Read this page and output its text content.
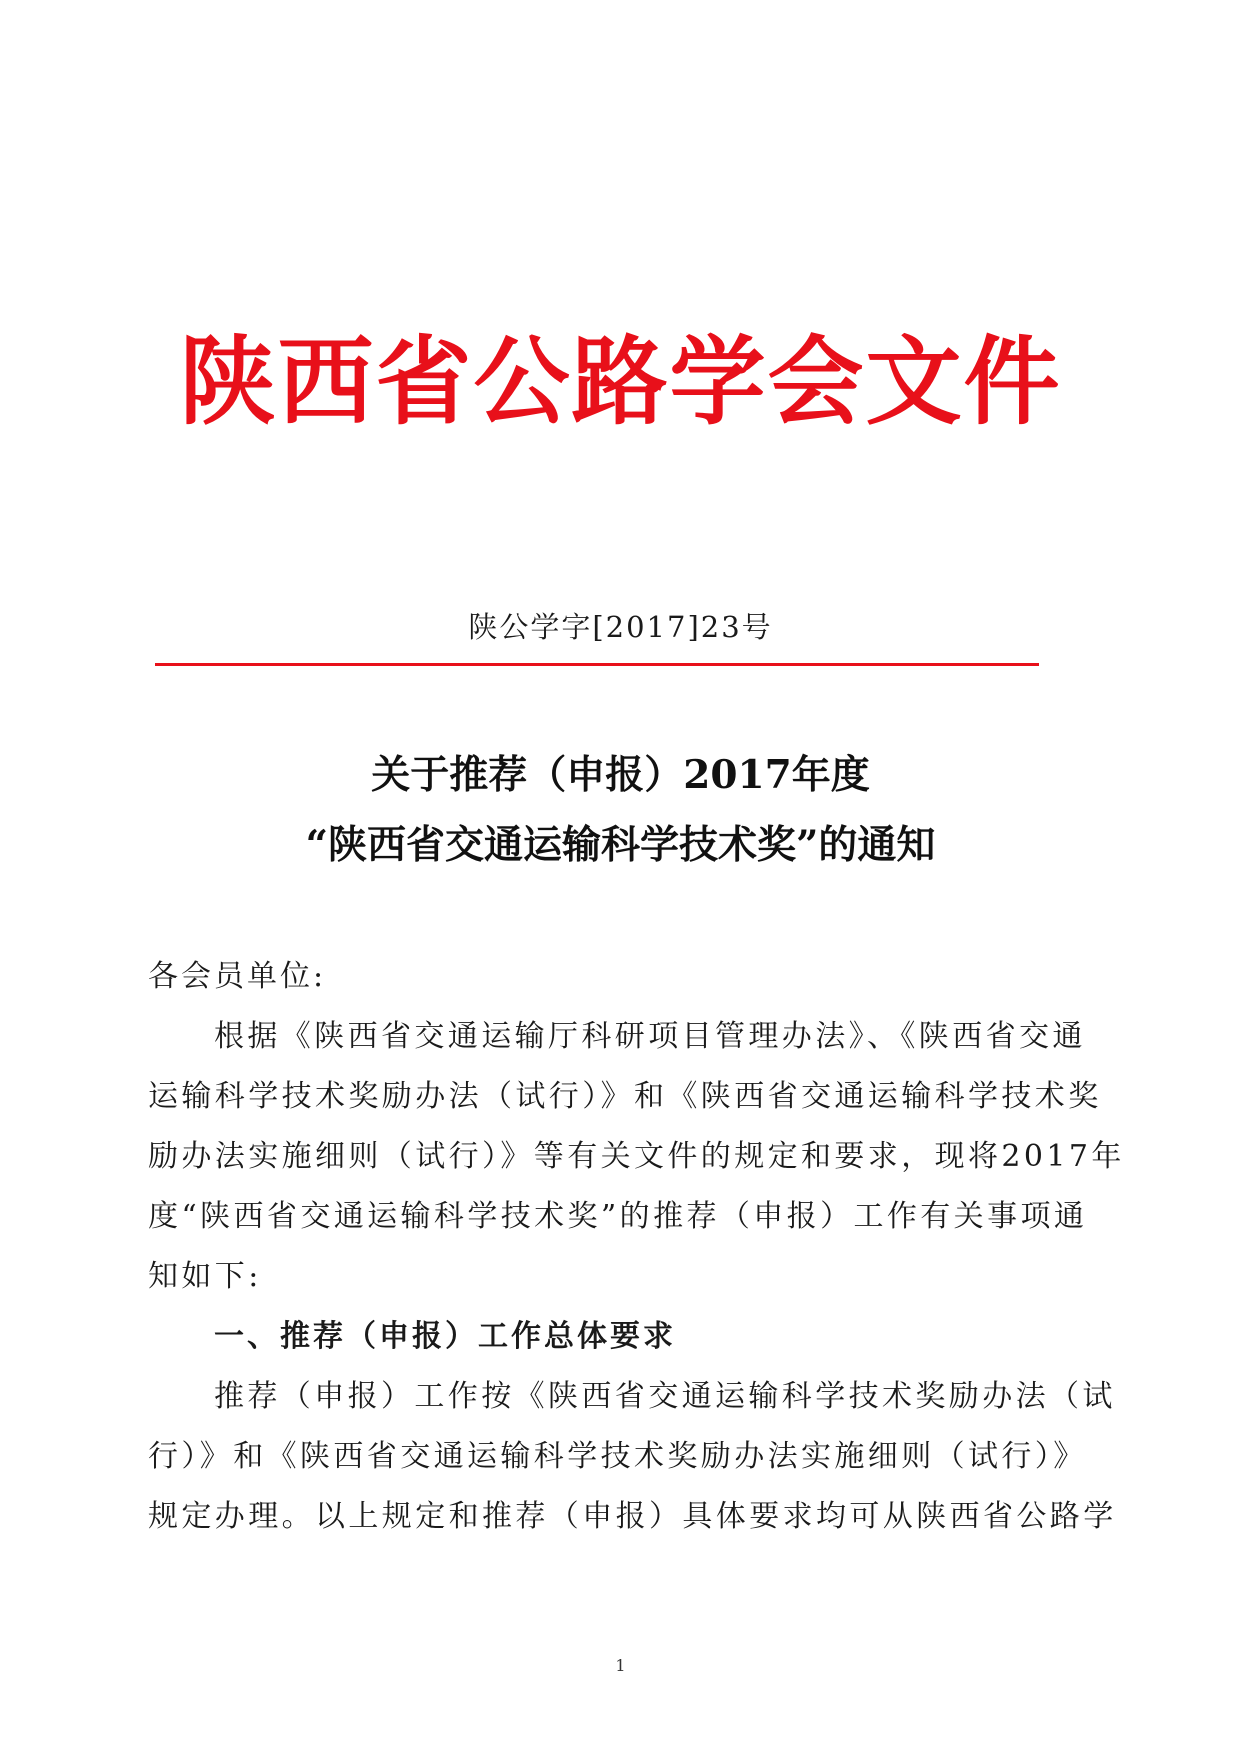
陕西省公路学会文件
陕公学字[2017]23号
关于推荐（申报）2017年度
“陕西省交通运输科学技术奖”的通知
各会员单位:
根据《陕西省交通运输厅科研项目管理办法》、《陕西省交通
运输科学技术奖励办法（试行）》和《陕西省交通运输科学技术奖
励办法实施细则（试行）》等有关文件的规定和要求，现将2017年
度“陕西省交通运输科学技术奖”的推荐（申报）工作有关事项通
知如下:
一、推荐（申报）工作总体要求
推荐（申报）工作按《陕西省交通运输科学技术奖励办法（试
行）》和《陕西省交通运输科学技术奖励办法实施细则（试行）》
规定办理。以上规定和推荐（申报）具体要求均可从陕西省公路学
1
